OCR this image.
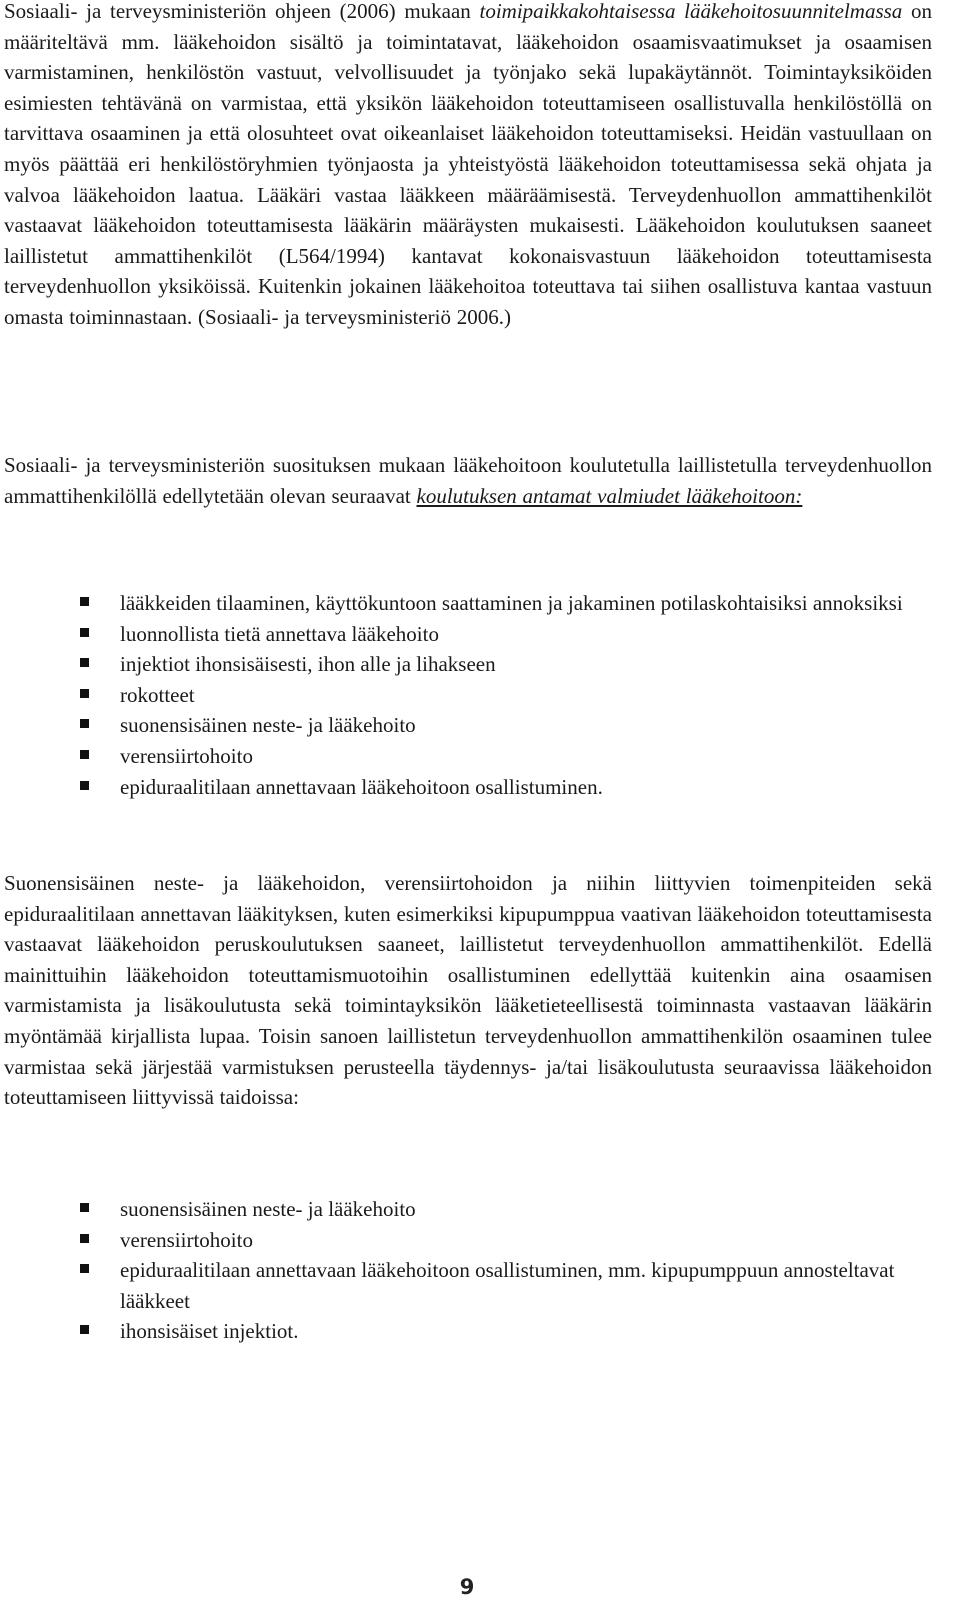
Sosiaali- ja terveysministeriön ohjeen (2006) mukaan toimipaikkakohtaisessa lääkehoitosuunnitelmassa on määriteltävä mm. lääkehoidon sisältö ja toimintatavat, lääkehoidon osaamisvaatimukset ja osaamisen varmistaminen, henkilöstön vastuut, velvollisuudet ja työnjako sekä lupakäytännöt. Toimintayksiköiden esimiesten tehtävänä on varmistaa, että yksikön lääkehoidon toteuttamiseen osallistuvalla henkilöstöllä on tarvittava osaaminen ja että olosuhteet ovat oikeanlaiset lääkehoidon toteuttamiseksi. Heidän vastuullaan on myös päättää eri henkilöstöryhmien työnjaosta ja yhteistyöstä lääkehoidon toteuttamisessa sekä ohjata ja valvoa lääkehoidon laatua. Lääkäri vastaa lääkkeen määräämisestä. Terveydenhuollon ammattihenkilöt vastaavat lääkehoidon toteuttamisesta lääkärin määräysten mukaisesti. Lääkehoidon koulutuksen saaneet laillistetut ammattihenkilöt (L564/1994) kantavat kokonaisvastuun lääkehoidon toteuttamisesta terveydenhuollon yksiköissä. Kuitenkin jokainen lääkehoitoa toteuttava tai siihen osallistuva kantaa vastuun omasta toiminnastaan. (Sosiaali- ja terveysministeriö 2006.)

Sosiaali- ja terveysministeriön suosituksen mukaan lääkehoitoon koulutetulla laillistetulla terveydenhuollon ammattihenkilöllä edellytetään olevan seuraavat koulutuksen antamat valmiudet lääkehoitoon:

lääkkeiden tilaaminen, käyttökuntoon saattaminen ja jakaminen potilaskohtaisiksi annoksiksi
luonnollista tietä annettava lääkehoito
injektiot ihonsisäisesti, ihon alle ja lihakseen
rokotteet
suonensisäinen neste- ja lääkehoito
verensiirtohoito
epiduraalitilaan annettavaan lääkehoitoon osallistuminen.

Suonensisäinen neste- ja lääkehoidon, verensiirtohoidon ja niihin liittyvien toimenpiteiden sekä epiduraalitilaan annettavan lääkityksen, kuten esimerkiksi kipupumppua vaativan lääkehoidon toteuttamisesta vastaavat lääkehoidon peruskoulutuksen saaneet, laillistetut terveydenhuollon ammattihenkilöt. Edellä mainittuihin lääkehoidon toteuttamismuotoihin osallistuminen edellyttää kuitenkin aina osaamisen varmistamista ja lisäkoulutusta sekä toimintayksikön lääketieteellisestä toiminnasta vastaavan lääkärin myöntämää kirjallista lupaa. Toisin sanoen laillistetun terveydenhuollon ammattihenkilön osaaminen tulee varmistaa sekä järjestää varmistuksen perusteella täydennys- ja/tai lisäkoulutusta seuraavissa lääkehoidon toteuttamiseen liittyvissä taidoissa:

suonensisäinen neste- ja lääkehoito
verensiirtohoito
epiduraalitilaan annettavaan lääkehoitoon osallistuminen, mm. kipupumppuun annosteltavat lääkkeet
ihonsisäiset injektiot.
9
